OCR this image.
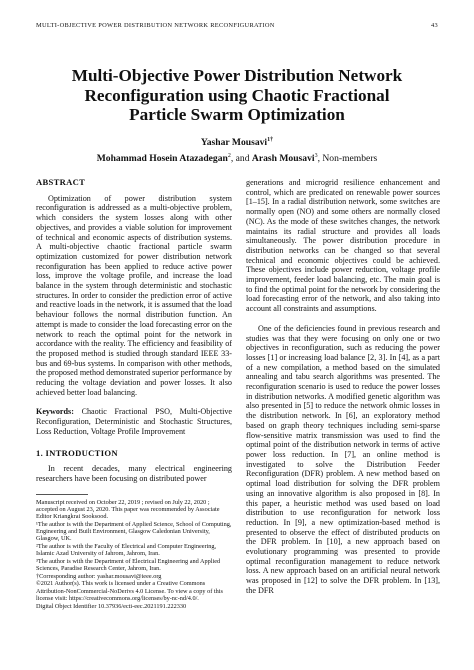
MULTI-OBJECTIVE POWER DISTRIBUTION NETWORK RECONFIGURATION	43
Multi-Objective Power Distribution Network
Reconfiguration using Chaotic Fractional
Particle Swarm Optimization
Yashar Mousavi$^{1\dagger}$
Mohammad Hosein Atazadegan$^2$, and Arash Mousavi$^3$, Non-members
ABSTRACT

Optimization of power distribution system reconfiguration is addressed as a multi-objective problem, which considers the system losses along with other objectives, and provides a viable solution for improvement of technical and economic aspects of distribution systems. A multi-objective chaotic fractional particle swarm optimization customized for power distribution network reconfiguration has been applied to reduce active power loss, improve the voltage profile, and increase the load balance in the system through deterministic and stochastic structures. In order to consider the prediction error of active and reactive loads in the network, it is assumed that the load behaviour follows the normal distribution function. An attempt is made to consider the load forecasting error on the network to reach the optimal point for the network in accordance with the reality. The efficiency and feasibility of the proposed method is studied through standard IEEE 33-bus and 69-bus systems. In comparison with other methods, the proposed method demonstrated superior performance by reducing the voltage deviation and power losses. It also achieved better load balancing.

Keywords: Chaotic Fractional PSO, Multi-Objective Reconfiguration, Deterministic and Stochastic Structures, Loss Reduction, Voltage Profile Improvement

1. INTRODUCTION

In recent decades, many electrical engineering researchers have been focusing on distributed power

Manuscript received on October 22, 2019 ; revised on July 22, 2020 ; accepted on August 23, 2020. This paper was recommended by Associate Editor Kriangkrai Sooksood.

¹The author is with the Department of Applied Science, School of Computing, Engineering and Built Environment, Glasgow Caledonian University, Glasgow, UK.

²The author is with the Faculty of Electrical and Computer Engineering, Islamic Azad University of Jahrom, Jahrom, Iran.

³The author is with the Department of Electrical Engineering and Applied Sciences, Paradise Research Center, Jahrom, Iran.

†Corresponding author: yashar.mousavi@ieee.org

©2021 Author(s). This work is licensed under a Creative Commons Attribution-NonCommercial-NoDerivs 4.0 License. To view a copy of this license visit: https://creativecommons.org/licenses/by-nc-nd/4.0/.

Digital Object Identifier 10.37936/ecti-eec.2021191.222330

generations and microgrid resilience enhancement and control, which are predicated on renewable power sources [1–15]. In a radial distribution network, some switches are normally open (NO) and some others are normally closed (NC). As the mode of these switches changes, the network maintains its radial structure and provides all loads simultaneously. The power distribution procedure in distribution networks can be changed so that several technical and economic objectives could be achieved. These objectives include power reduction, voltage profile improvement, feeder load balancing, etc. The main goal is to find the optimal point for the network by considering the load forecasting error of the network, and also taking into account all constraints and assumptions.

One of the deficiencies found in previous research and studies was that they were focusing on only one or two objectives in reconfiguration, such as reducing the power losses [1] or increasing load balance [2, 3]. In [4], as a part of a new compilation, a method based on the simulated annealing and tabu search algorithms was presented. The reconfiguration scenario is used to reduce the power losses in distribution networks. A modified genetic algorithm was also presented in [5] to reduce the network ohmic losses in the distribution network. In [6], an exploratory method based on graph theory techniques including semi-sparse flow-sensitive matrix transmission was used to find the optimal point of the distribution network in terms of active power loss reduction. In [7], an online method is investigated to solve the Distribution Feeder Reconfiguration (DFR) problem. A new method based on optimal load distribution for solving the DFR problem using an innovative algorithm is also proposed in [8]. In this paper, a heuristic method was used based on load distribution to use reconfiguration for network loss reduction. In [9], a new optimization-based method is presented to observe the effect of distributed products on the DFR problem. In [10], a new approach based on evolutionary programming was presented to provide optimal reconfiguration management to reduce network loss. A new approach based on an artificial neural network was proposed in [12] to solve the DFR problem. In [13], the DFR
